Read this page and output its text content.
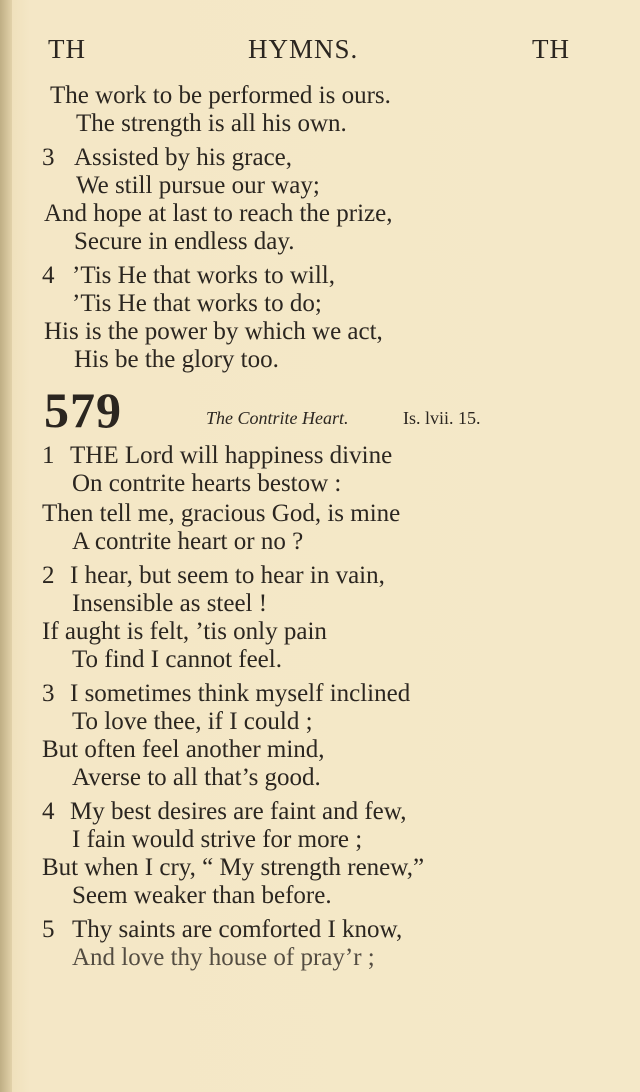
TH	HYMNS.	TH
The work to be performed is ours.
The strength is all his own.
3 Assisted by his grace,
We still pursue our way;
And hope at last to reach the prize,
Secure in endless day.
4 ’Tis He that works to will,
’Tis He that works to do;
His is the power by which we act,
His be the glory too.
579	The Contrite Heart.	Is. lvii. 15.
1 THE Lord will happiness divine
On contrite hearts bestow :
Then tell me, gracious God, is mine
A contrite heart or no ?
2 I hear, but seem to hear in vain,
Insensible as steel !
If aught is felt, ’tis only pain
To find I cannot feel.
3 I sometimes think myself inclined
To love thee, if I could ;
But often feel another mind,
Averse to all that’s good.
4 My best desires are faint and few,
I fain would strive for more ;
But when I cry, “ My strength renew,”
Seem weaker than before.
5 Thy saints are comforted I know,
And love thy house of pray’r ;
